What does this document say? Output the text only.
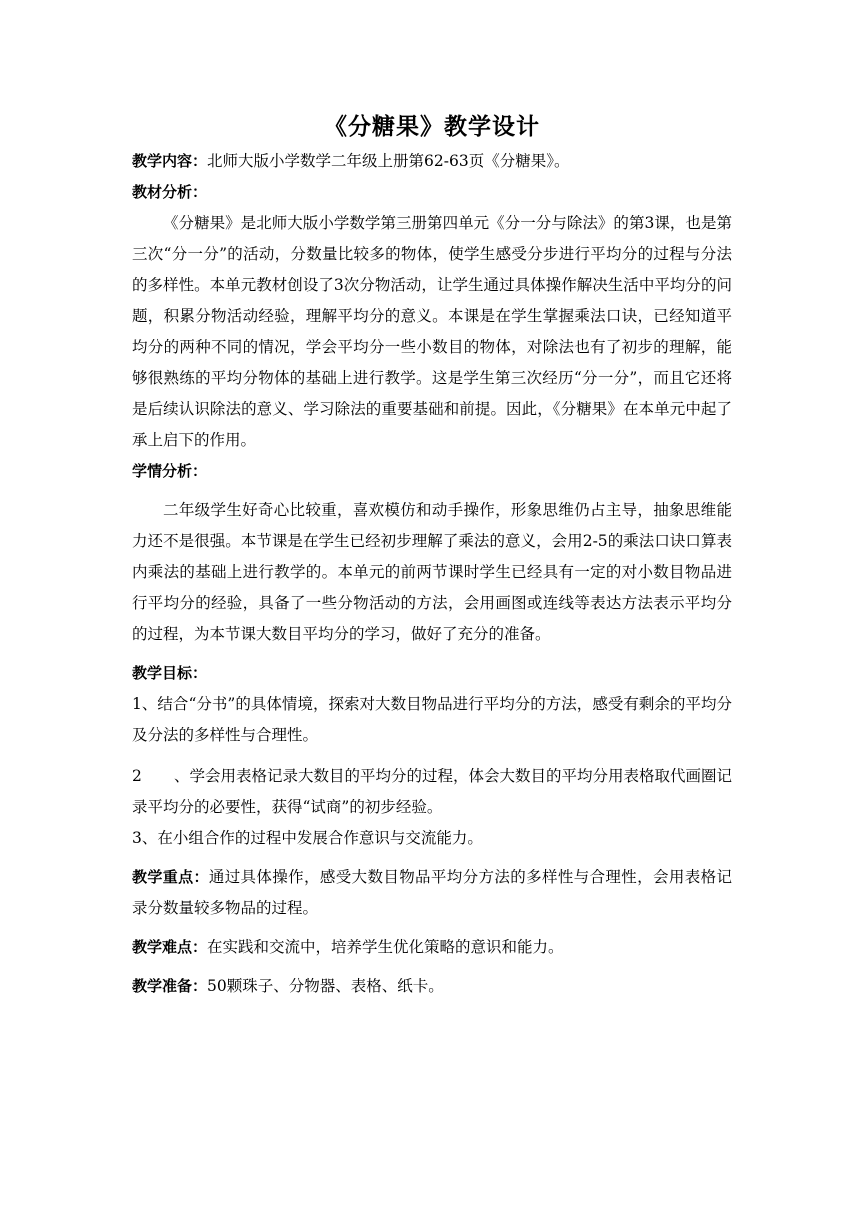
《分糖果》教学设计

教学内容：北师大版小学数学二年级上册第62-63页《分糖果》。

教材分析：

《分糖果》是北师大版小学数学第三册第四单元《分一分与除法》的第3课，也是第三次“分一分”的活动，分数量比较多的物体，使学生感受分步进行平均分的过程与分法的多样性。本单元教材创设了3次分物活动，让学生通过具体操作解决生活中平均分的问题，积累分物活动经验，理解平均分的意义。本课是在学生掌握乘法口诀，已经知道平均分的两种不同的情况，学会平均分一些小数目的物体，对除法也有了初步的理解，能够很熟练的平均分物体的基础上进行教学。这是学生第三次经历“分一分”，而且它还将是后续认识除法的意义、学习除法的重要基础和前提。因此，《分糖果》在本单元中起了承上启下的作用。

学情分析：

二年级学生好奇心比较重，喜欢模仿和动手操作，形象思维仍占主导，抽象思维能力还不是很强。本节课是在学生已经初步理解了乘法的意义，会用2-5的乘法口诀口算表内乘法的基础上进行教学的。本单元的前两节课时学生已经具有一定的对小数目物品进行平均分的经验，具备了一些分物活动的方法，会用画图或连线等表达方法表示平均分的过程，为本节课大数目平均分的学习，做好了充分的准备。

教学目标：

1、结合“分书”的具体情境，探索对大数目物品进行平均分的方法，感受有剩余的平均分及分法的多样性与合理性。

2 、学会用表格记录大数目的平均分的过程，体会大数目的平均分用表格取代画圈记录平均分的必要性，获得“试商”的初步经验。

3、在小组合作的过程中发展合作意识与交流能力。

教学重点：通过具体操作，感受大数目物品平均分方法的多样性与合理性，会用表格记录分数量较多物品的过程。

教学难点：在实践和交流中，培养学生优化策略的意识和能力。

教学准备：50颗珠子、分物器、表格、纸卡。
